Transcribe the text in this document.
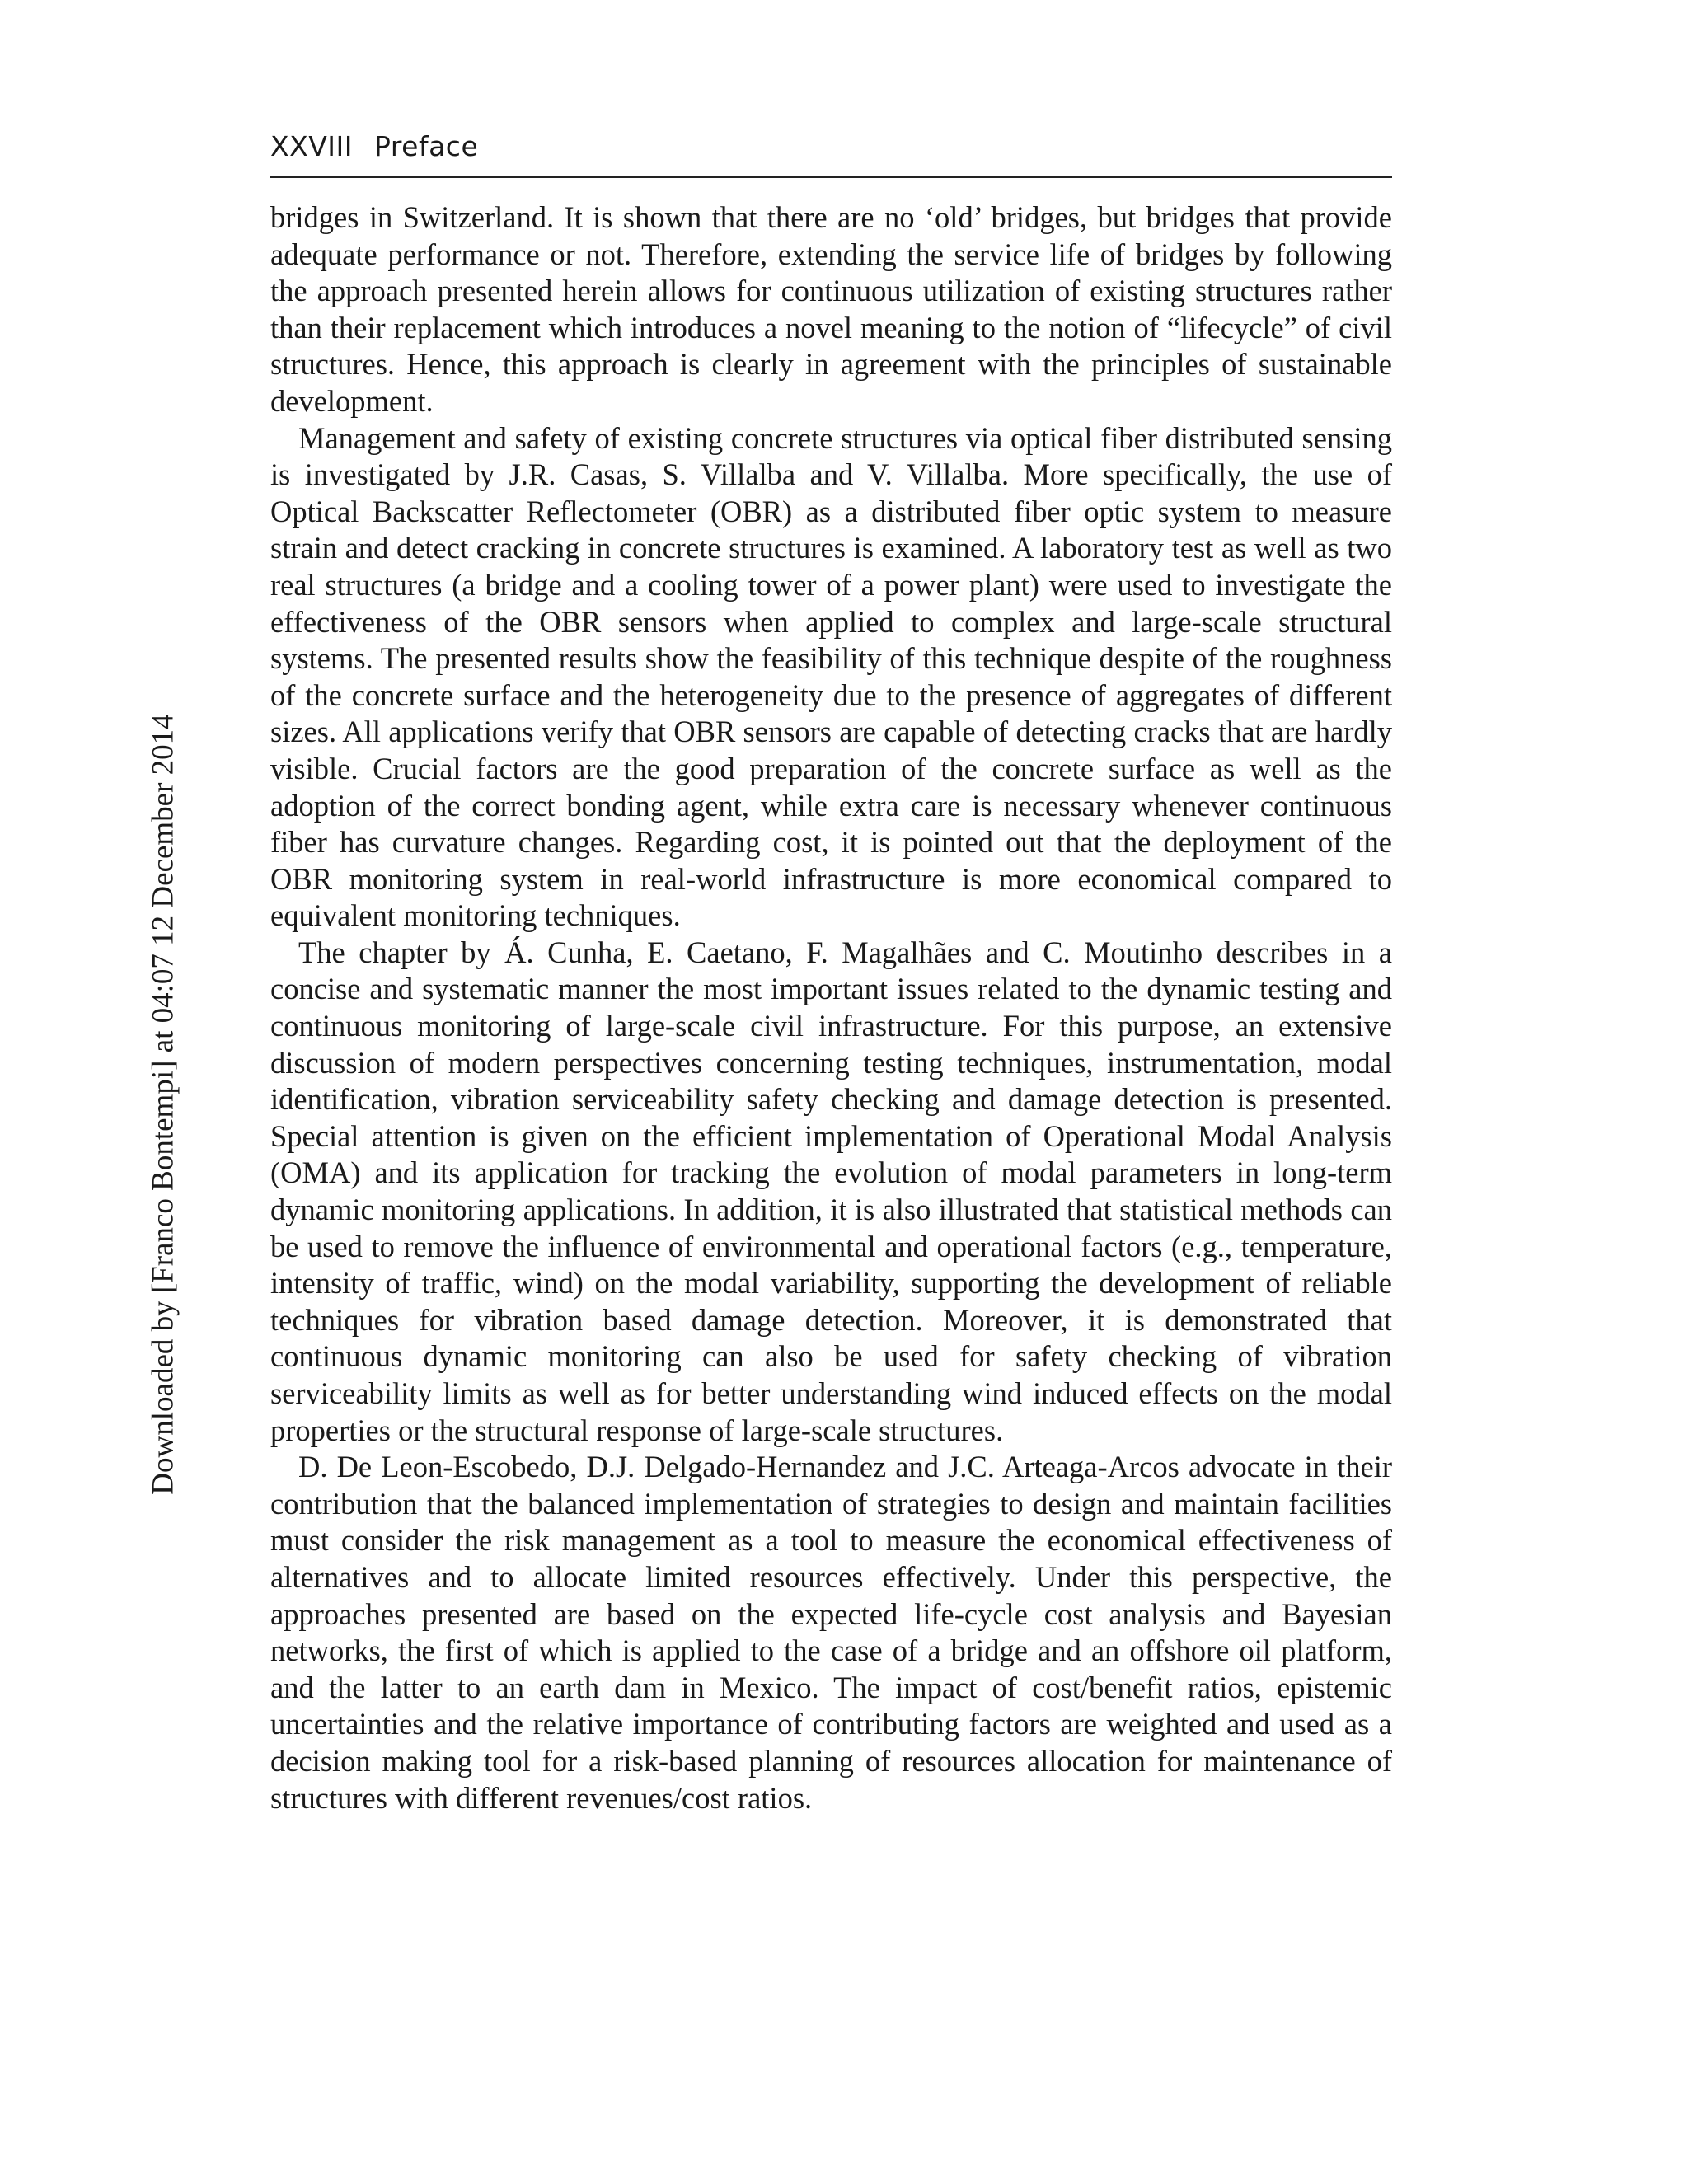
XXVIII Preface

bridges in Switzerland. It is shown that there are no ‘old’ bridges, but bridges that provide adequate performance or not. Therefore, extending the service life of bridges by following the approach presented herein allows for continuous utilization of existing structures rather than their replacement which introduces a novel meaning to the notion of “lifecycle” of civil structures. Hence, this approach is clearly in agreement with the principles of sustainable development.

Management and safety of existing concrete structures via optical fiber distributed sensing is investigated by J.R. Casas, S. Villalba and V. Villalba. More specifically, the use of Optical Backscatter Reflectometer (OBR) as a distributed fiber optic system to measure strain and detect cracking in concrete structures is examined. A laboratory test as well as two real structures (a bridge and a cooling tower of a power plant) were used to investigate the effectiveness of the OBR sensors when applied to complex and large-scale structural systems. The presented results show the feasibility of this technique despite of the roughness of the concrete surface and the heterogeneity due to the presence of aggregates of different sizes. All applications verify that OBR sensors are capable of detecting cracks that are hardly visible. Crucial factors are the good preparation of the concrete surface as well as the adoption of the correct bonding agent, while extra care is necessary whenever continuous fiber has curvature changes. Regarding cost, it is pointed out that the deployment of the OBR monitoring system in real-world infrastructure is more economical compared to equivalent monitoring techniques.

The chapter by Á. Cunha, E. Caetano, F. Magalhães and C. Moutinho describes in a concise and systematic manner the most important issues related to the dynamic testing and continuous monitoring of large-scale civil infrastructure. For this purpose, an extensive discussion of modern perspectives concerning testing techniques, instrumentation, modal identification, vibration serviceability safety checking and damage detection is presented. Special attention is given on the efficient implementation of Operational Modal Analysis (OMA) and its application for tracking the evolution of modal parameters in long-term dynamic monitoring applications. In addition, it is also illustrated that statistical methods can be used to remove the influence of environmental and operational factors (e.g., temperature, intensity of traffic, wind) on the modal variability, supporting the development of reliable techniques for vibration based damage detection. Moreover, it is demonstrated that continuous dynamic monitoring can also be used for safety checking of vibration serviceability limits as well as for better understanding wind induced effects on the modal properties or the structural response of large-scale structures.

D. De Leon-Escobedo, D.J. Delgado-Hernandez and J.C. Arteaga-Arcos advocate in their contribution that the balanced implementation of strategies to design and maintain facilities must consider the risk management as a tool to measure the economical effectiveness of alternatives and to allocate limited resources effectively. Under this perspective, the approaches presented are based on the expected life-cycle cost analysis and Bayesian networks, the first of which is applied to the case of a bridge and an offshore oil platform, and the latter to an earth dam in Mexico. The impact of cost/benefit ratios, epistemic uncertainties and the relative importance of contributing factors are weighted and used as a decision making tool for a risk-based planning of resources allocation for maintenance of structures with different revenues/cost ratios.

Downloaded by [Franco Bontempi] at 04:07 12 December 2014
